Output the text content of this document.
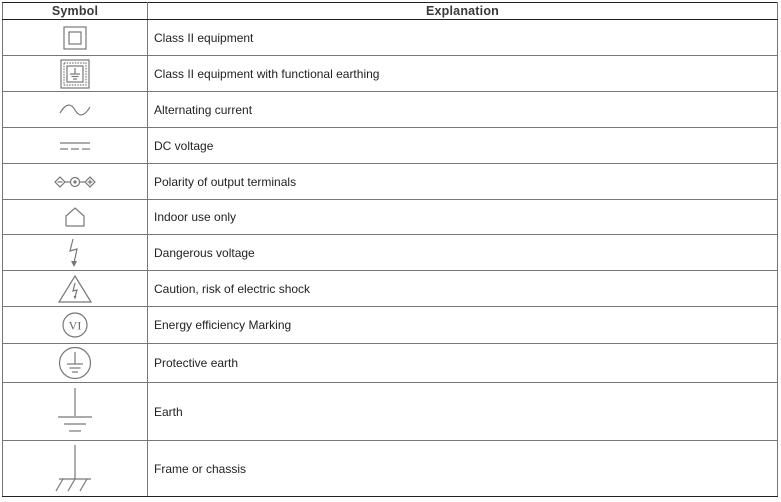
Symbol	Explanation

	Class II equipment

	Class II equipment with functional earthing

	Alternating current

	DC voltage

	Polarity of output terminals

	Indoor use only

	Dangerous voltage

	Caution, risk of electric shock

VI	Energy efficiency Marking

	Protective earth

	Earth

	Frame or chassis
